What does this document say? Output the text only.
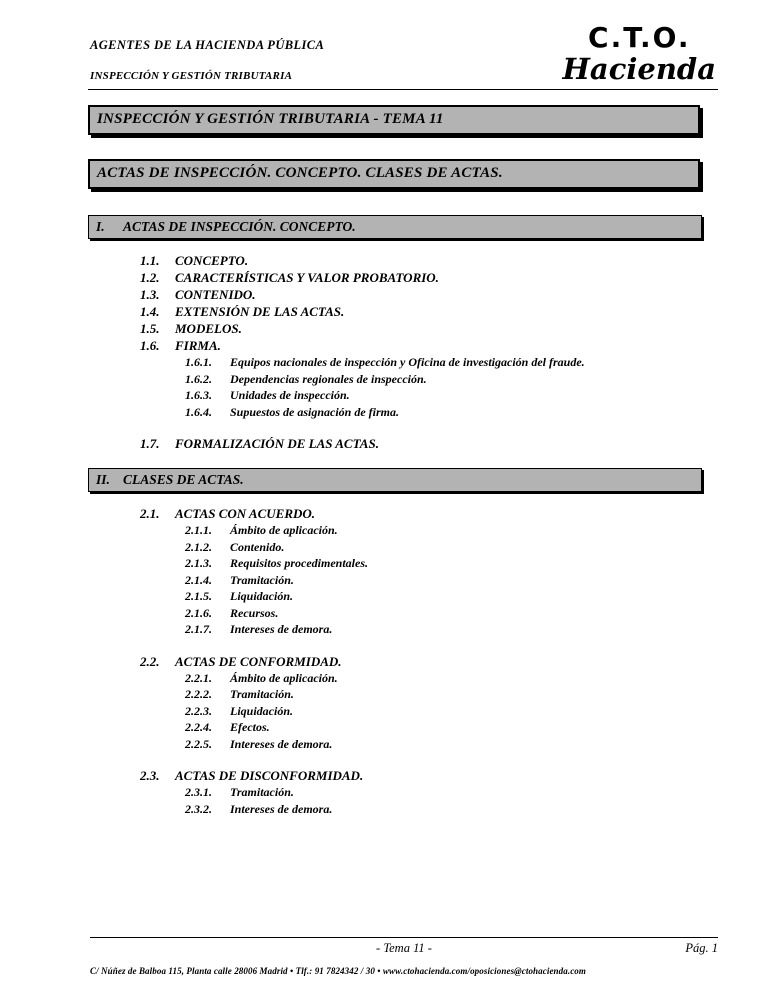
AGENTES DE LA HACIENDA PÚBLICA
INSPECCIÓN Y GESTIÓN TRIBUTARIA
C.T.O.
Hacienda
INSPECCIÓN Y GESTIÓN TRIBUTARIA - TEMA 11
ACTAS DE INSPECCIÓN. CONCEPTO. CLASES DE ACTAS.
I.	ACTAS DE INSPECCIÓN. CONCEPTO.
1.1.	CONCEPTO.
1.2.	CARACTERÍSTICAS Y VALOR PROBATORIO.
1.3.	CONTENIDO.
1.4.	EXTENSIÓN DE LAS ACTAS.
1.5.	MODELOS.
1.6.	FIRMA.
1.6.1.	Equipos nacionales de inspección y Oficina de investigación del fraude.
1.6.2.	Dependencias regionales de inspección.
1.6.3.	Unidades de inspección.
1.6.4.	Supuestos de asignación de firma.
1.7.	FORMALIZACIÓN DE LAS ACTAS.
II. CLASES DE ACTAS.
2.1.	ACTAS CON ACUERDO.
2.1.1.	Ámbito de aplicación.
2.1.2.	Contenido.
2.1.3.	Requisitos procedimentales.
2.1.4.	Tramitación.
2.1.5.	Liquidación.
2.1.6.	Recursos.
2.1.7.	Intereses de demora.
2.2.	ACTAS DE CONFORMIDAD.
2.2.1.	Ámbito de aplicación.
2.2.2.	Tramitación.
2.2.3.	Liquidación.
2.2.4.	Efectos.
2.2.5.	Intereses de demora.
2.3.	ACTAS DE DISCONFORMIDAD.
2.3.1.	Tramitación.
2.3.2.	Intereses de demora.
- Tema 11 -	Pág. 1
C/ Núñez de Balboa 115, Planta calle 28006 Madrid • Tlf.: 91 7824342 / 30 • www.ctohacienda.com/oposiciones@ctohacienda.com
